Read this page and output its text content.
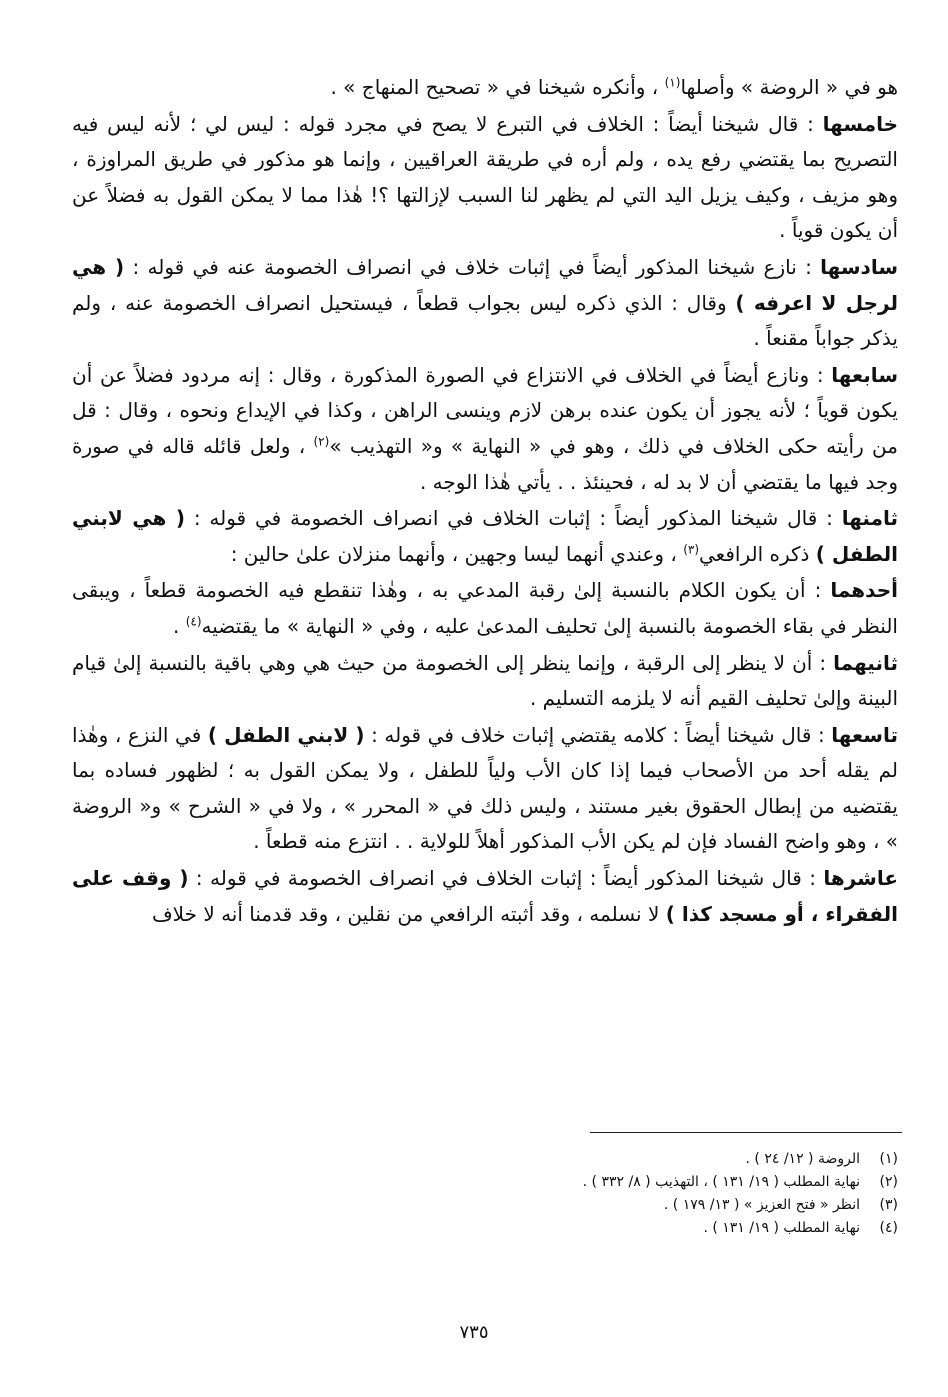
هو في « الروضة » وأصلها$^{(١)}$ ، وأنكره شيخنا في « تصحيح المنهاج » .

خامسها : قال شيخنا أيضاً : الخلاف في التبرع لا يصح في مجرد قوله : ليس لي ؛ لأنه ليس فيه التصريح بما يقتضي رفع يده ، ولم أره في طريقة العراقيين ، وإنما هو مذكور في طريق المراوزة ، وهو مزيف ، وكيف يزيل اليد التي لم يظهر لنا السبب لإزالتها ؟! هٰذا مما لا يمكن القول به فضلاً عن أن يكون قوياً .

سادسها : نازع شيخنا المذكور أيضاً في إثبات خلاف في انصراف الخصومة عنه في قوله : ( هي لرجل لا اعرفه ) وقال : الذي ذكره ليس بجواب قطعاً ، فيستحيل انصراف الخصومة عنه ، ولم يذكر جواباً مقنعاً .

سابعها : ونازع أيضاً في الخلاف في الانتزاع في الصورة المذكورة ، وقال : إنه مردود فضلاً عن أن يكون قوياً ؛ لأنه يجوز أن يكون عنده برهن لازم وينسى الراهن ، وكذا في الإيداع ونحوه ، وقال : قل من رأيته حكى الخلاف في ذلك ، وهو في « النهاية » و« التهذيب »$^{(٢)}$ ، ولعل قائله قاله في صورة وجد فيها ما يقتضي أن لا بد له ، فحينئذ . . يأتي هٰذا الوجه .

ثامنها : قال شيخنا المذكور أيضاً : إثبات الخلاف في انصراف الخصومة في قوله : ( هي لابني الطفل ) ذكره الرافعي$^{(٣)}$ ، وعندي أنهما ليسا وجهين ، وأنهما منزلان علىٰ حالين :

أحدهما : أن يكون الكلام بالنسبة إلىٰ رقبة المدعي به ، وهٰذا تنقطع فيه الخصومة قطعاً ، ويبقى النظر في بقاء الخصومة بالنسبة إلىٰ تحليف المدعىٰ عليه ، وفي « النهاية » ما يقتضيه$^{(٤)}$ .

ثانيهما : أن لا ينظر إلى الرقبة ، وإنما ينظر إلى الخصومة من حيث هي وهي باقية بالنسبة إلىٰ قيام البينة وإلىٰ تحليف القيم أنه لا يلزمه التسليم .

تاسعها : قال شيخنا أيضاً : كلامه يقتضي إثبات خلاف في قوله : ( لابني الطفل ) في النزع ، وهٰذا لم يقله أحد من الأصحاب فيما إذا كان الأب ولياً للطفل ، ولا يمكن القول به ؛ لظهور فساده بما يقتضيه من إبطال الحقوق بغير مستند ، وليس ذلك في « المحرر » ، ولا في « الشرح » و« الروضة » ، وهو واضح الفساد فإن لم يكن الأب المذكور أهلاً للولاية . . انتزع منه قطعاً .

عاشرها : قال شيخنا المذكور أيضاً : إثبات الخلاف في انصراف الخصومة في قوله : ( وقف على الفقراء ، أو مسجد كذا ) لا نسلمه ، وقد أثبته الرافعي من نقلين ، وقد قدمنا أنه لا خلاف

(١)الروضة ( ١٢/ ٢٤ ) .
(٢)نهاية المطلب ( ١٩/ ١٣١ ) ، التهذيب ( ٨/ ٣٣٢ ) .
(٣)انظر « فتح العزيز » ( ١٣/ ١٧٩ ) .
(٤)نهاية المطلب ( ١٩/ ١٣١ ) .
٧٣٥
